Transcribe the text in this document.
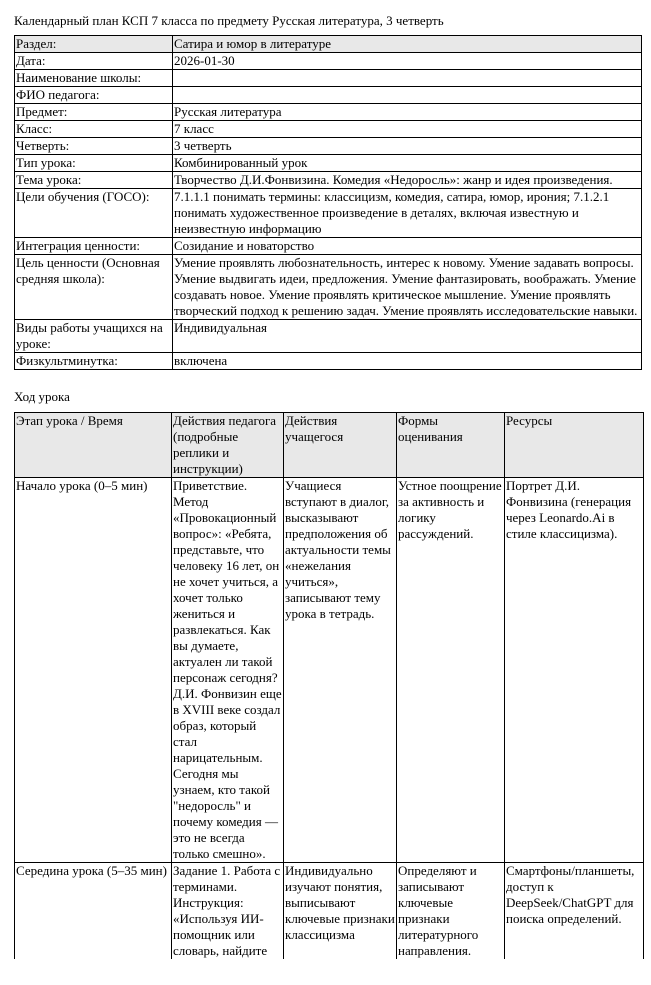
Календарный план КСП 7 класса по предмету Русская литература, 3 четверть
Раздел:	Сатира и юмор в литературе
Дата:	2026-01-30
Наименование школы:	
ФИО педагога:	
Предмет:	Русская литература
Класс:	7 класс
Четверть:	3 четверть
Тип урока:	Комбинированный урок
Тема урока:	Творчество Д.И.Фонвизина. Комедия «Недоросль»: жанр и идея произведения.
Цели обучения (ГОСО):	7.1.1.1 понимать термины: классицизм, комедия, сатира, юмор, ирония; 7.1.2.1 понимать художественное произведение в деталях, включая известную и неизвестную информацию
Интеграция ценности:	Созидание и новаторство
Цель ценности (Основная средняя школа):	Умение проявлять любознательность, интерес к новому. Умение задавать вопросы. Умение выдвигать идеи, предложения. Умение фантазировать, воображать. Умение создавать новое. Умение проявлять критическое мышление. Умение проявлять творческий подход к решению задач. Умение проявлять исследовательские навыки.
Виды работы учащихся на уроке:	Индивидуальная
Физкультминутка:	включена
Ход урока
Этап урока / Время	Действия педагога (подробные реплики и инструкции)	Действия учащегося	Формы оценивания	Ресурсы
Начало урока (0–5 мин)	Приветствие. Метод «Провокационный вопрос»: «Ребята, представьте, что человеку 16 лет, он не хочет учиться, а хочет только жениться и развлекаться. Как вы думаете, актуален ли такой персонаж сегодня? Д.И. Фонвизин еще в XVIII веке создал образ, который стал нарицательным. Сегодня мы узнаем, кто такой "недоросль" и почему комедия — это не всегда только смешно».	Учащиеся вступают в диалог, высказывают предположения об актуальности темы «нежелания учиться», записывают тему урока в тетрадь.	Устное поощрение за активность и логику рассуждений.	Портрет Д.И. Фонвизина (генерация через Leonardo.Ai в стиле классицизма).
Середина урока (5–35 мин)	Задание 1. Работа с терминами. Инструкция: «Используя ИИ-помощник или словарь, найдите	Индивидуально изучают понятия, выписывают ключевые признаки классицизма	Определяют и записывают ключевые признаки литературного направления.	Смартфоны/планшеты, доступ к DeepSeek/ChatGPT для поиска определений.
